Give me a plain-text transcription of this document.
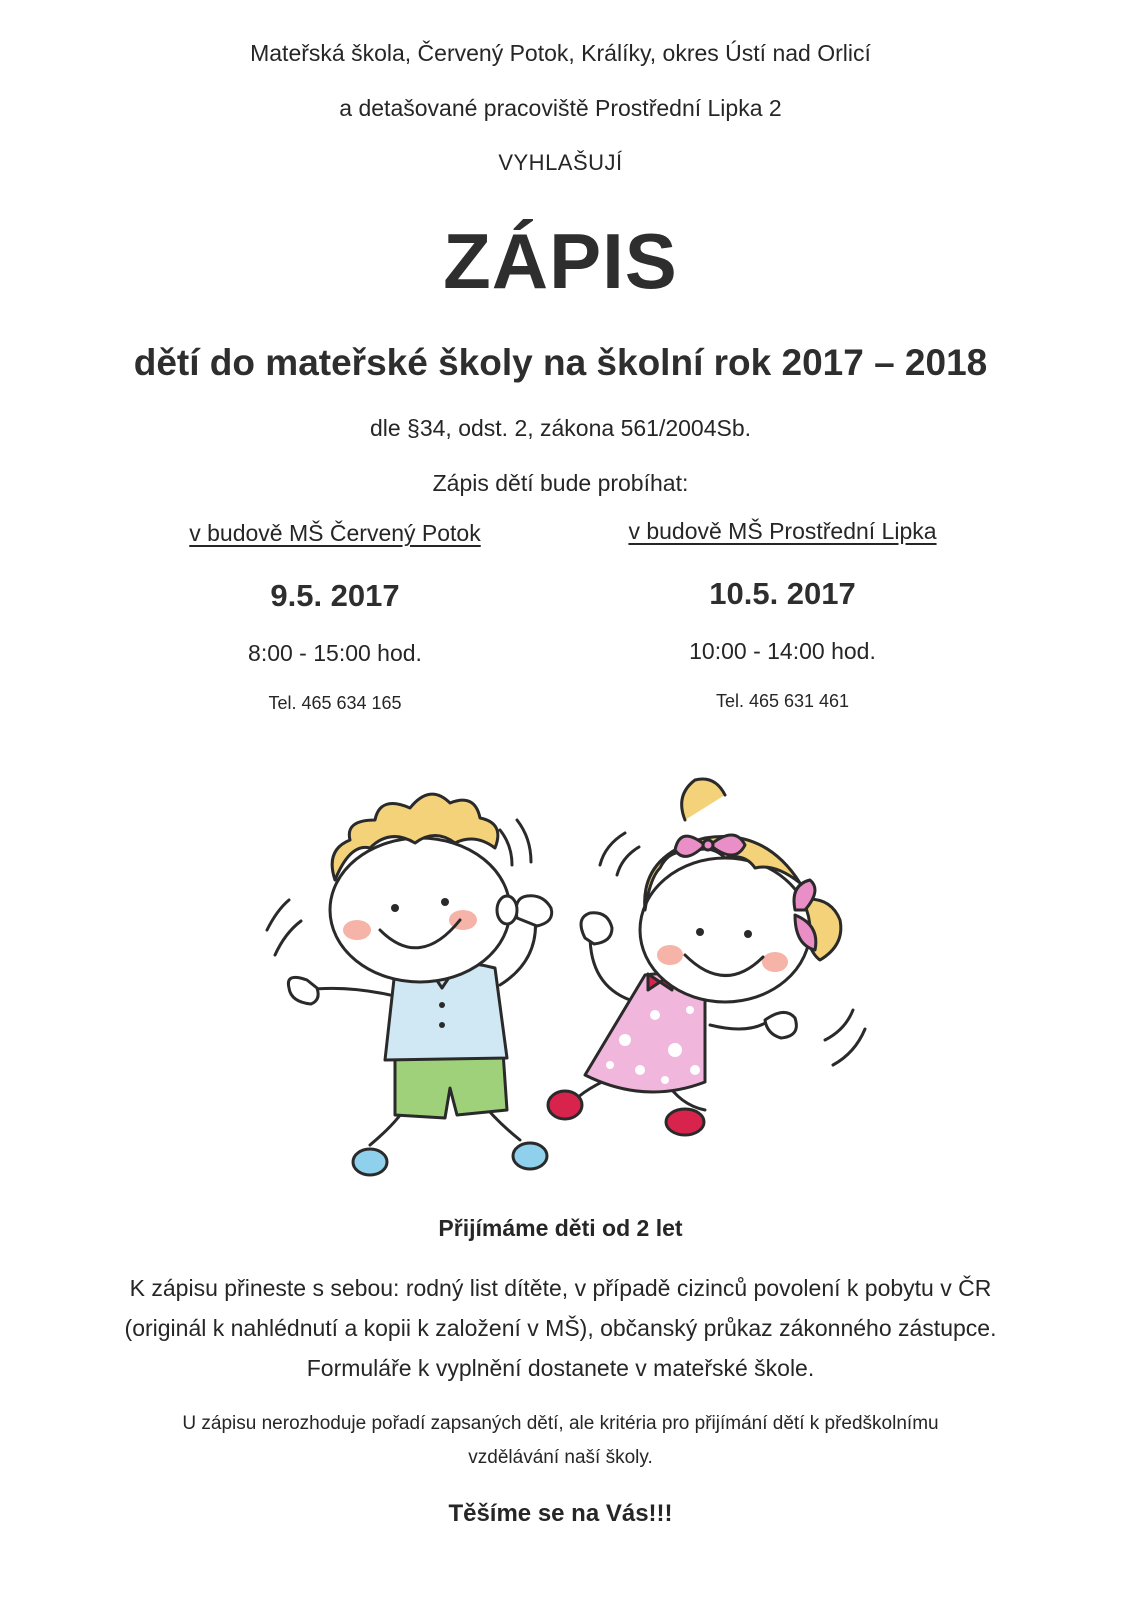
Mateřská škola, Červený Potok, Králíky, okres Ústí nad Orlicí
a detašované pracoviště Prostřední Lipka 2
VYHLAŠUJÍ
ZÁPIS
dětí do mateřské školy na školní rok 2017 – 2018
dle §34, odst. 2, zákona 561/2004Sb.
Zápis dětí bude probíhat:
v budově MŠ Červený Potok
9.5. 2017
8:00 - 15:00 hod.
Tel. 465 634 165
v budově MŠ Prostřední Lipka
10.5. 2017
10:00 - 14:00 hod.
Tel. 465 631 461
Přijímáme děti od 2 let
K zápisu přineste s sebou: rodný list dítěte, v případě cizinců povolení k pobytu v ČR
(originál k nahlédnutí a kopii k založení v MŠ), občanský průkaz zákonného zástupce.
Formuláře k vyplnění dostanete v mateřské škole.
U zápisu nerozhoduje pořadí zapsaných dětí, ale kritéria pro přijímání dětí k předškolnímu
vzdělávání naší školy.
Těšíme se na Vás!!!
